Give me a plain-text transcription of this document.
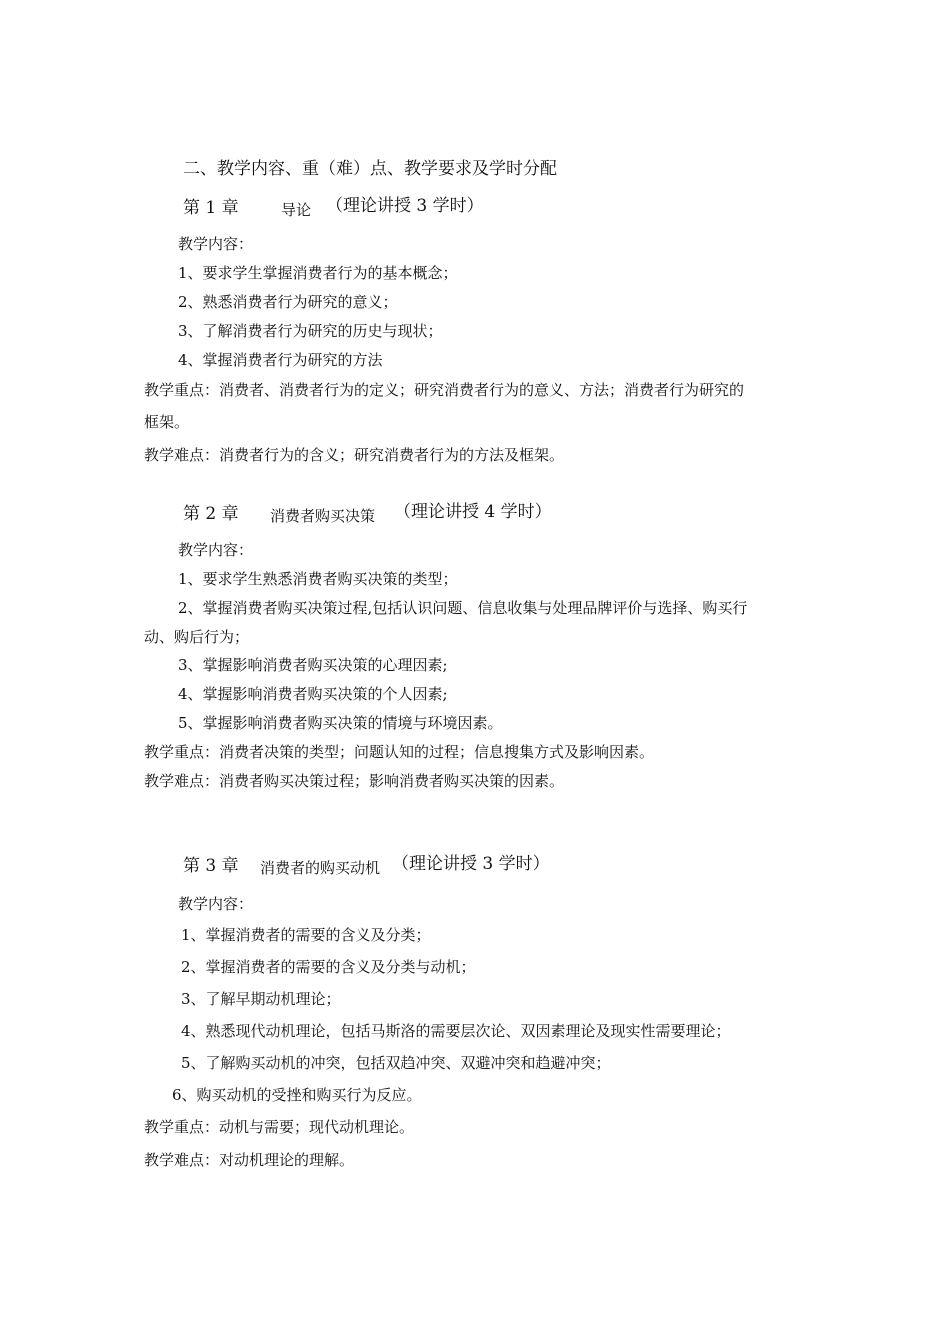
二、教学内容、重（难）点、教学要求及学时分配
第 1 章	导论 （理论讲授 3 学时）
教学内容：
1、要求学生掌握消费者行为的基本概念；
2、熟悉消费者行为研究的意义；
3、了解消费者行为研究的历史与现状；
4、掌握消费者行为研究的方法
教学重点：消费者、消费者行为的定义；研究消费者行为的意义、方法；消费者行为研究的
框架。
教学难点：消费者行为的含义；研究消费者行为的方法及框架。
第 2 章 消费者购买决策 （理论讲授 4 学时）
教学内容：
1、要求学生熟悉消费者购买决策的类型；
2、掌握消费者购买决策过程,包括认识问题、信息收集与处理品牌评价与选择、购买行
动、购后行为；
3、掌握影响消费者购买决策的心理因素;
4、掌握影响消费者购买决策的个人因素;
5、掌握影响消费者购买决策的情境与环境因素。
教学重点：消费者决策的类型；问题认知的过程；信息搜集方式及影响因素。
教学难点：消费者购买决策过程；影响消费者购买决策的因素。
第 3 章 消费者的购买动机 （理论讲授 3 学时）
教学内容：
1、掌握消费者的需要的含义及分类；
2、掌握消费者的需要的含义及分类与动机；
3、了解早期动机理论；
4、熟悉现代动机理论，包括马斯洛的需要层次论、双因素理论及现实性需要理论；
5、了解购买动机的冲突，包括双趋冲突、双避冲突和趋避冲突；
6、购买动机的受挫和购买行为反应。
教学重点：动机与需要；现代动机理论。
教学难点：对动机理论的理解。
